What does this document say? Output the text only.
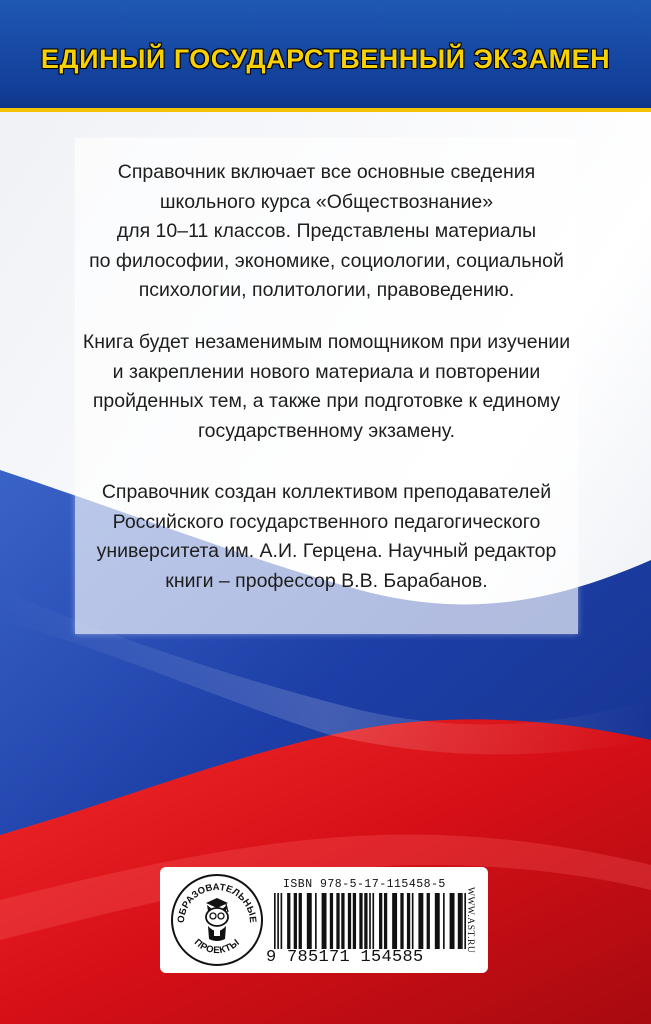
ЕДИНЫЙ ГОСУДАРСТВЕННЫЙ ЭКЗАМЕН

Справочник включает все основные сведения
школьного курса «Обществознание»
для 10–11 классов. Представлены материалы
по философии, экономике, социологии, социальной
психологии, политологии, правоведению.

Книга будет незаменимым помощником при изучении
и закреплении нового материала и повторении
пройденных тем, а также при подготовке к единому
государственному экзамену.

Справочник создан коллективом преподавателей
Российского государственного педагогического
университета им. А.И. Герцена. Научный редактор
книги – профессор В.В. Барабанов.

ОБРАЗОВАТЕЛЬНЫЕ
ПРОЕКТЫ
ISBN 978-5-17-115458-5
9 785171 154585
WWW.AST.RU
